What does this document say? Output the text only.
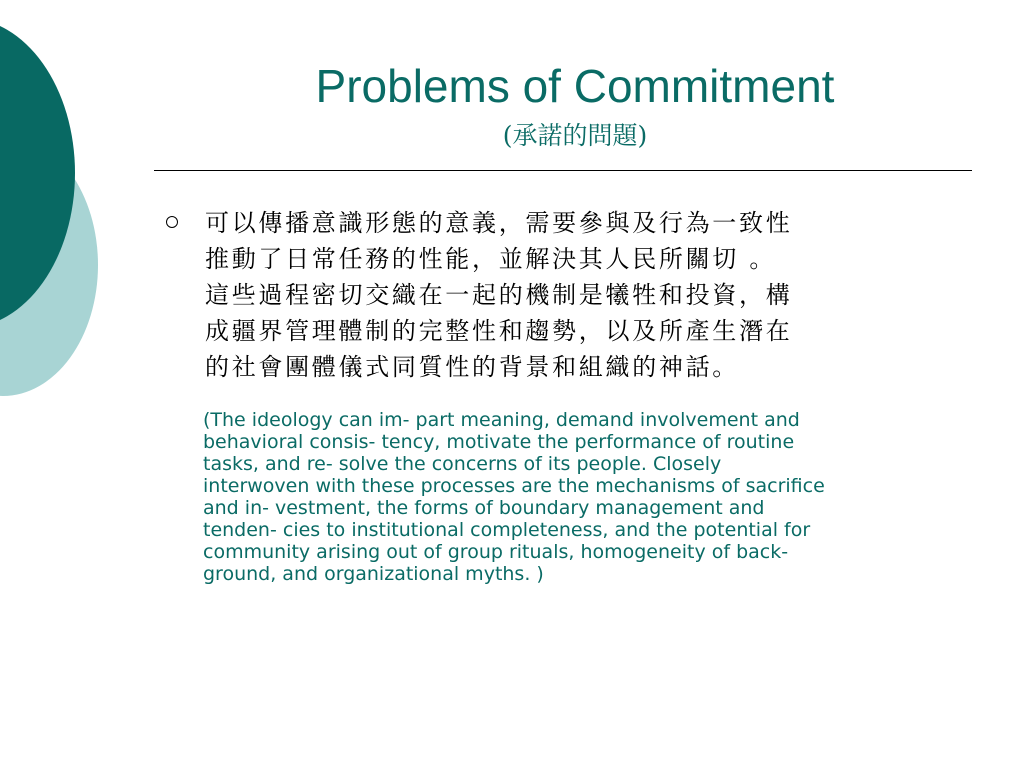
Problems of Commitment
(承諾的問題)
可以傳播意識形態的意義，需要參與及行為一致性
推動了日常任務的性能，並解決其人民所關切 。
這些過程密切交織在一起的機制是犧牲和投資，構
成疆界管理體制的完整性和趨勢，以及所產生潛在
的社會團體儀式同質性的背景和組織的神話。
(The ideology can im- part meaning, demand involvement and
behavioral consis- tency, motivate the performance of routine
tasks, and re- solve the concerns of its people. Closely
interwoven with these processes are the mechanisms of sacrifice
and in- vestment, the forms of boundary management and
tenden- cies to institutional completeness, and the potential for
community arising out of group rituals, homogeneity of back-
ground, and organizational myths. )
